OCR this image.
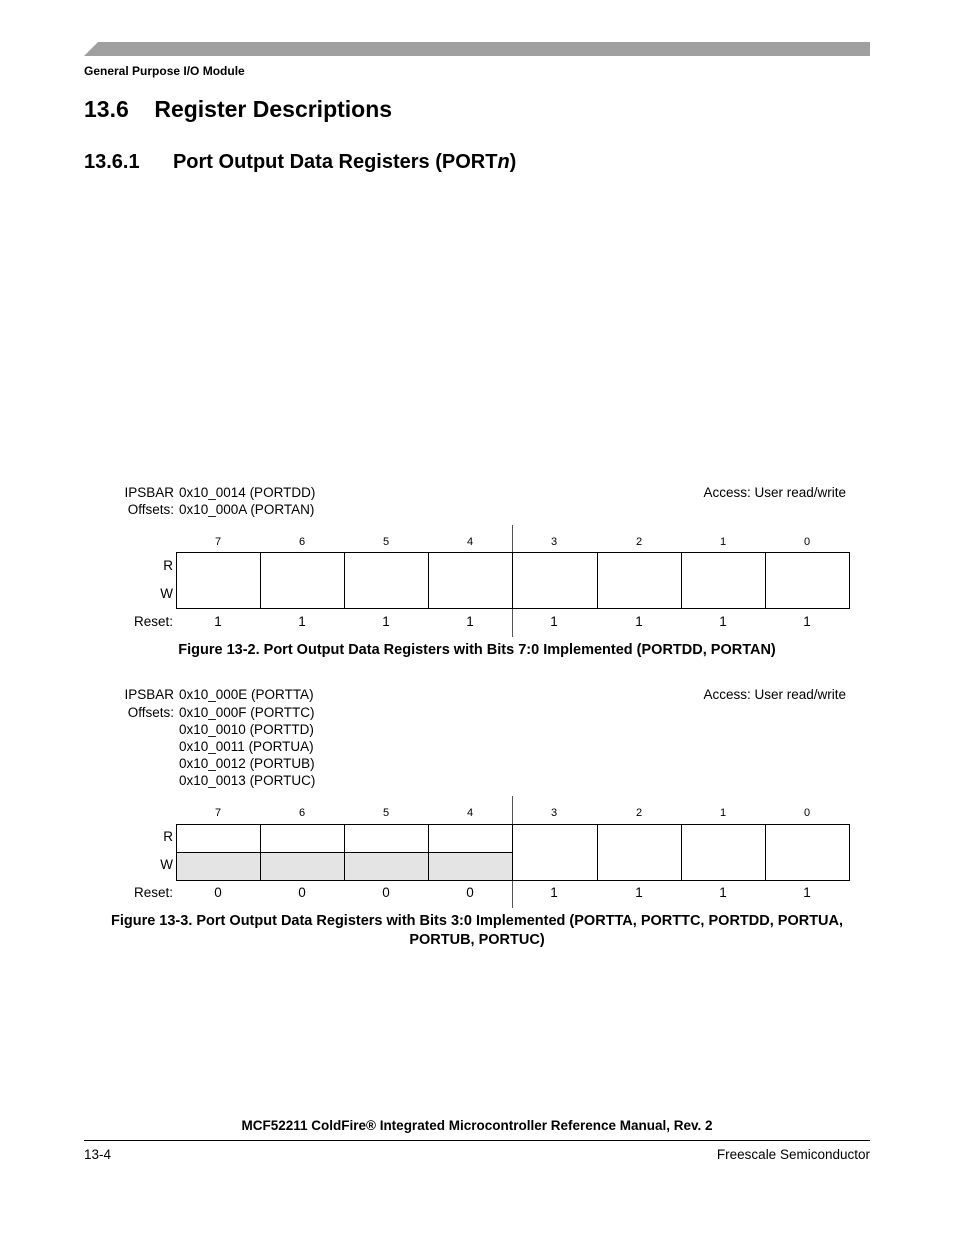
General Purpose I/O Module
13.6 Register Descriptions
13.6.1 Port Output Data Registers (PORTn)
IPSBAR
Offsets:
0x10_0014 (PORTDD)
0x10_000A (PORTAN)
Access: User read/write
7	6	5	4	3	2	1	0
R
W
Reset:	1	1	1	1	1	1	1	1
Figure 13-2. Port Output Data Registers with Bits 7:0 Implemented (PORTDD, PORTAN)
IPSBAR
Offsets:
0x10_000E (PORTTA)
0x10_000F (PORTTC)
0x10_0010 (PORTTD)
0x10_0011 (PORTUA)
0x10_0012 (PORTUB)
0x10_0013 (PORTUC)
Access: User read/write
7	6	5	4	3	2	1	0
R
W
Reset:	0	0	0	0	1	1	1	1
Figure 13-3. Port Output Data Registers with Bits 3:0 Implemented (PORTTA, PORTTC, PORTDD, PORTUA,
PORTUB, PORTUC)
MCF52211 ColdFire® Integrated Microcontroller Reference Manual, Rev. 2
13-4	Freescale Semiconductor
